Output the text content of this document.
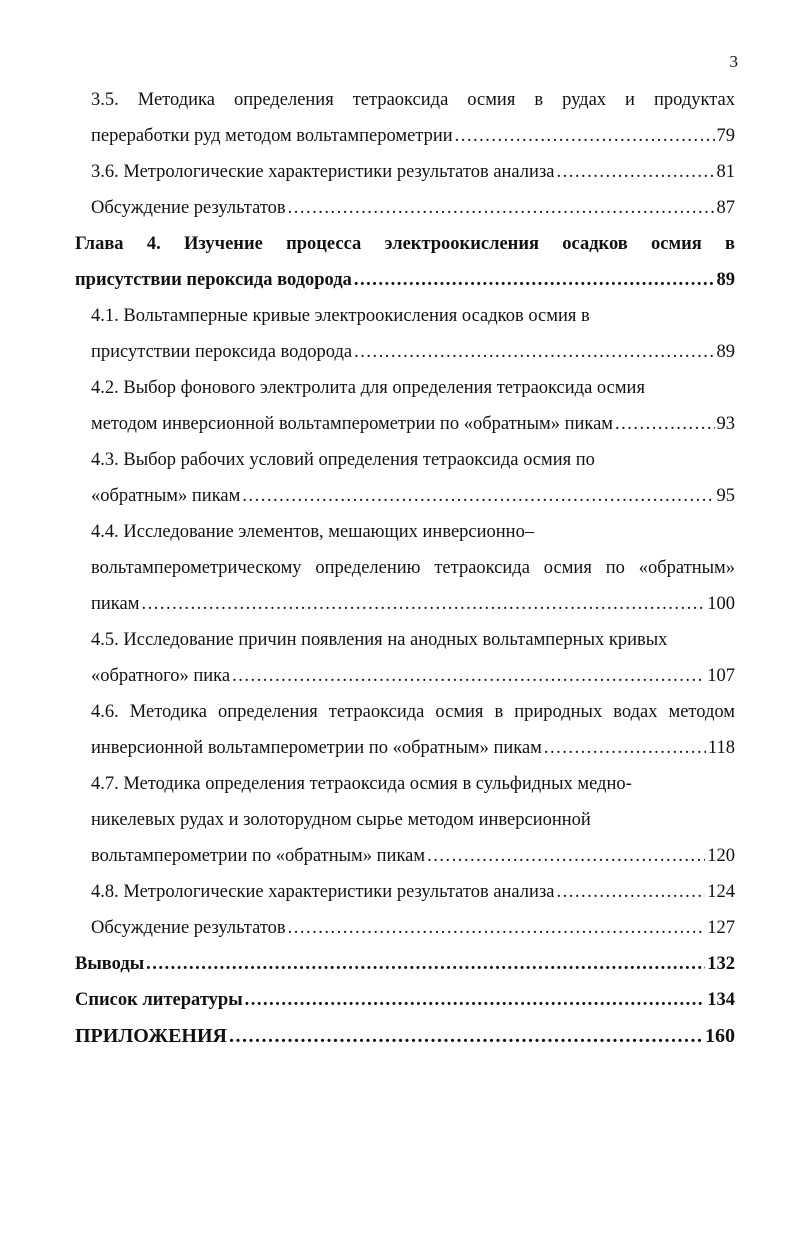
3
3.5. Методика определения тетраоксида осмия в рудах и продуктах
переработки руд методом вольтамперометрии .....	79
3.6. Метрологические характеристики результатов анализа .....	81
Обсуждение результатов .....	87
Глава 4. Изучение процесса электроокисления осадков осмия в
присутствии пероксида водорода .....	89
4.1. Вольтамперные кривые электроокисления осадков осмия в
присутствии пероксида водорода .....	89
4.2. Выбор фонового электролита для определения тетраоксида осмия
методом инверсионной вольтамперометрии по «обратным» пикам .....	93
4.3. Выбор рабочих условий определения тетраоксида осмия по
«обратным» пикам .....	95
4.4. Исследование элементов, мешающих инверсионно–
вольтамперометрическому определению тетраоксида осмия по «обратным»
пикам .....	100
4.5. Исследование причин появления на анодных вольтамперных кривых
«обратного» пика .....	107
4.6. Методика определения тетраоксида осмия в природных водах методом
инверсионной вольтамперометрии по «обратным» пикам .....	118
4.7. Методика определения тетраоксида осмия в сульфидных медно-
никелевых рудах и золоторудном сырье методом инверсионной
вольтамперометрии по «обратным» пикам .....	120
4.8. Метрологические характеристики результатов анализа .....	124
Обсуждение результатов .....	127
Выводы .....	132
Список литературы .....	134
ПРИЛОЖЕНИЯ .....	160
